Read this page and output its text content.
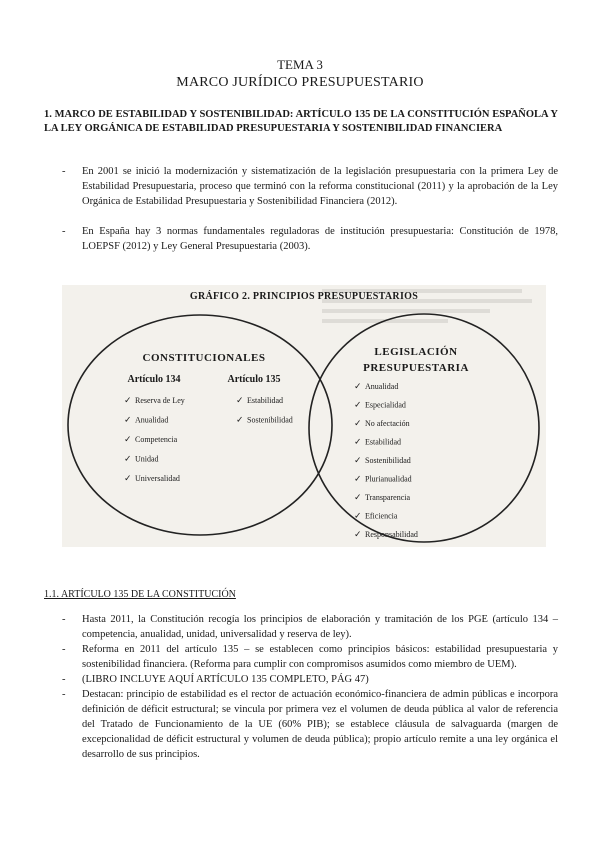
TEMA 3
MARCO JURÍDICO PRESUPUESTARIO
1. MARCO DE ESTABILIDAD Y SOSTENIBILIDAD: ARTÍCULO 135 DE LA CONSTITUCIÓN ESPAÑOLA Y LA LEY ORGÁNICA DE ESTABILIDAD PRESUPUESTARIA Y SOSTENIBILIDAD FINANCIERA
- En 2001 se inició la modernización y sistematización de la legislación presupuestaria con la primera Ley de Estabilidad Presupuestaria, proceso que terminó con la reforma constitucional (2011) y la aprobación de la Ley Orgánica de Estabilidad Presupuestaria y Sostenibilidad Financiera (2012).
- En España hay 3 normas fundamentales reguladoras de institución presupuestaria: Constitución de 1978, LOEPSF (2012) y Ley General Presupuestaria (2003).
GRÁFICO 2. PRINCIPIOS PRESUPUESTARIOS
CONSTITUCIONALES
Artículo 134	Artículo 135
✓ Reserva de Ley
✓ Anualidad
✓ Competencia
✓ Unidad
✓ Universalidad
✓ Estabilidad
✓ Sostenibilidad
LEGISLACIÓN
PRESUPUESTARIA
✓ Anualidad
✓ Especialidad
✓ No afectación
✓ Estabilidad
✓ Sostenibilidad
✓ Plurianualidad
✓ Transparencia
✓ Eficiencia
✓ Responsabilidad
1.1. ARTÍCULO 135 DE LA CONSTITUCIÓN
- Hasta 2011, la Constitución recogía los principios de elaboración y tramitación de los PGE (artículo 134 – competencia, anualidad, unidad, universalidad y reserva de ley).
- Reforma en 2011 del artículo 135 – se establecen como principios básicos: estabilidad presupuestaria y sostenibilidad financiera. (Reforma para cumplir con compromisos asumidos como miembro de UEM).
- (LIBRO INCLUYE AQUÍ ARTÍCULO 135 COMPLETO, PÁG 47)
- Destacan: principio de estabilidad es el rector de actuación económico-financiera de admin públicas e incorpora definición de déficit estructural; se vincula por primera vez el volumen de deuda pública al valor de referencia del Tratado de Funcionamiento de la UE (60% PIB); se establece cláusula de salvaguarda (margen de excepcionalidad de déficit estructural y volumen de deuda pública); propio artículo remite a una ley orgánica el desarrollo de sus principios.
